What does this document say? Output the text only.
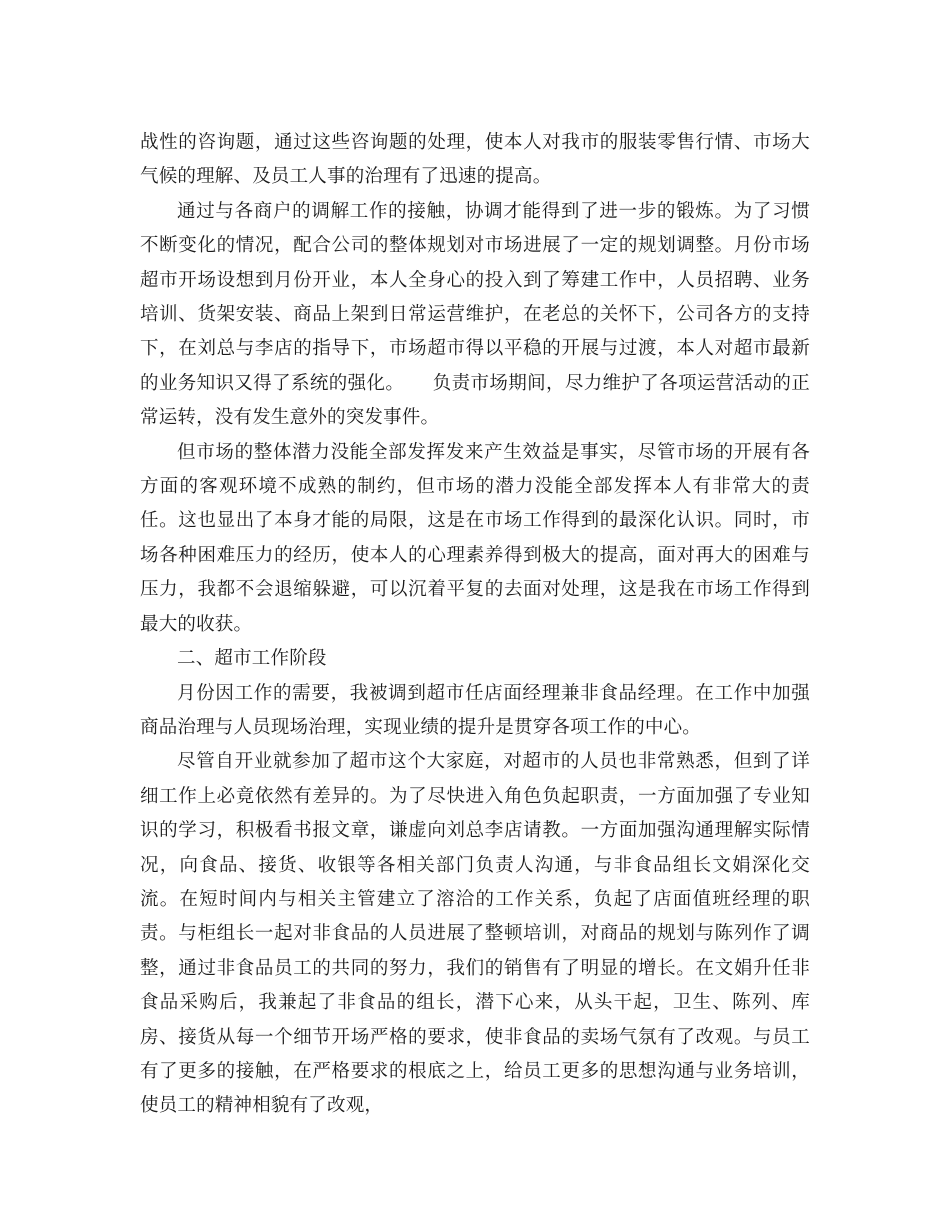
战性的咨询题，通过这些咨询题的处理，使本人对我市的服装零售行情、市场大气候的理解、及员工人事的治理有了迅速的提高。

通过与各商户的调解工作的接触，协调才能得到了进一步的锻炼。为了习惯不断变化的情况，配合公司的整体规划对市场进展了一定的规划调整。月份市场超市开场设想到月份开业，本人全身心的投入到了筹建工作中，人员招聘、业务培训、货架安装、商品上架到日常运营维护，在老总的关怀下，公司各方的支持下，在刘总与李店的指导下，市场超市得以平稳的开展与过渡，本人对超市最新的业务知识又得了系统的强化。　　负责市场期间，尽力维护了各项运营活动的正常运转，没有发生意外的突发事件。

但市场的整体潜力没能全部发挥发来产生效益是事实，尽管市场的开展有各方面的客观环境不成熟的制约，但市场的潜力没能全部发挥本人有非常大的责任。这也显出了本身才能的局限，这是在市场工作得到的最深化认识。同时，市场各种困难压力的经历，使本人的心理素养得到极大的提高，面对再大的困难与压力，我都不会退缩躲避，可以沉着平复的去面对处理，这是我在市场工作得到最大的收获。

二、超市工作阶段

月份因工作的需要，我被调到超市任店面经理兼非食品经理。在工作中加强商品治理与人员现场治理，实现业绩的提升是贯穿各项工作的中心。

尽管自开业就参加了超市这个大家庭，对超市的人员也非常熟悉，但到了详细工作上必竟依然有差异的。为了尽快进入角色负起职责，一方面加强了专业知识的学习，积极看书报文章，谦虚向刘总李店请教。一方面加强沟通理解实际情况，向食品、接货、收银等各相关部门负责人沟通，与非食品组长文娟深化交流。在短时间内与相关主管建立了溶洽的工作关系，负起了店面值班经理的职责。与柜组长一起对非食品的人员进展了整顿培训，对商品的规划与陈列作了调整，通过非食品员工的共同的努力，我们的销售有了明显的增长。在文娟升任非食品采购后，我兼起了非食品的组长，潜下心来，从头干起，卫生、陈列、库房、接货从每一个细节开场严格的要求，使非食品的卖场气氛有了改观。与员工有了更多的接触，在严格要求的根底之上，给员工更多的思想沟通与业务培训，使员工的精神相貌有了改观，
